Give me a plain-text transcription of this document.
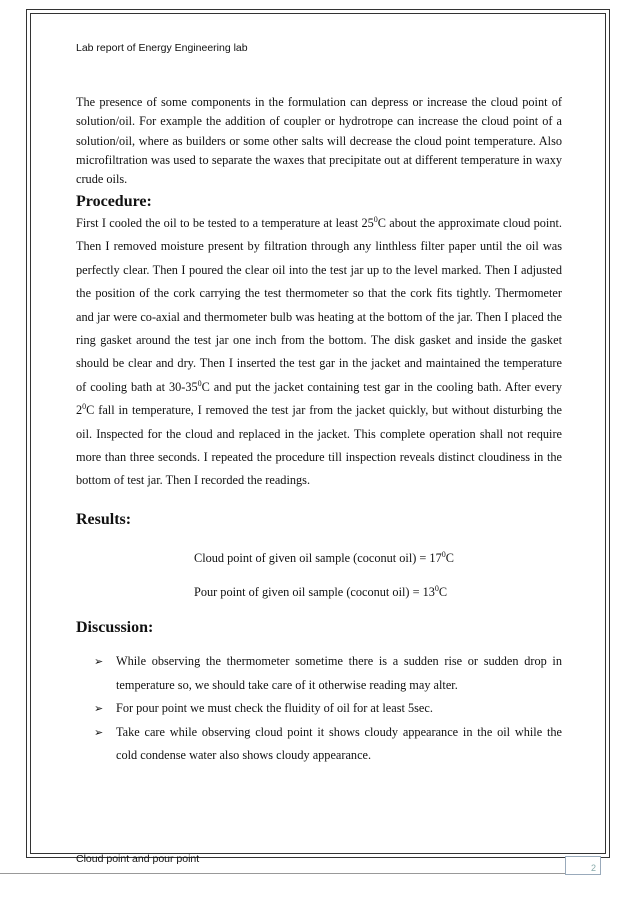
Lab report of Energy Engineering lab

The presence of some components in the formulation can depress or increase the cloud point of solution/oil. For example the addition of coupler or hydrotrope can increase the cloud point of a solution/oil, where as builders or some other salts will decrease the cloud point temperature. Also microfiltration was used to separate the waxes that precipitate out at different temperature in waxy crude oils.

Procedure:

First I cooled the oil to be tested to a temperature at least $25^0C$ about the approximate cloud point. Then I removed moisture present by filtration through any linthless filter paper until the oil was perfectly clear. Then I poured the clear oil into the test jar up to the level marked. Then I adjusted the position of the cork carrying the test thermometer so that the cork fits tightly. Thermometer and jar were co-axial and thermometer bulb was heating at the bottom of the jar. Then I placed the ring gasket around the test jar one inch from the bottom. The disk gasket and inside the gasket should be clear and dry. Then I inserted the test gar in the jacket and maintained the temperature of cooling bath at $30-35^0C$ and put the jacket containing test gar in the cooling bath. After every $2^0C$ fall in temperature, I removed the test jar from the jacket quickly, but without disturbing the oil. Inspected for the cloud and replaced in the jacket. This complete operation shall not require more than three seconds. I repeated the procedure till inspection reveals distinct cloudiness in the bottom of test jar. Then I recorded the readings.

Results:
Cloud point of given oil sample (coconut $oil) = 17^0C$
Pour point of given oil sample (coconut $oil) = 13^0C$
Discussion:
➢ While observing the thermometer sometime there is a sudden rise or sudden drop in temperature so, we should take care of it otherwise reading may alter.
➢ For pour point we must check the fluidity of oil for at least 5sec.
➢ Take care while observing cloud point it shows cloudy appearance in the oil while the cold condense water also shows cloudy appearance.
Cloud point and pour point
2
